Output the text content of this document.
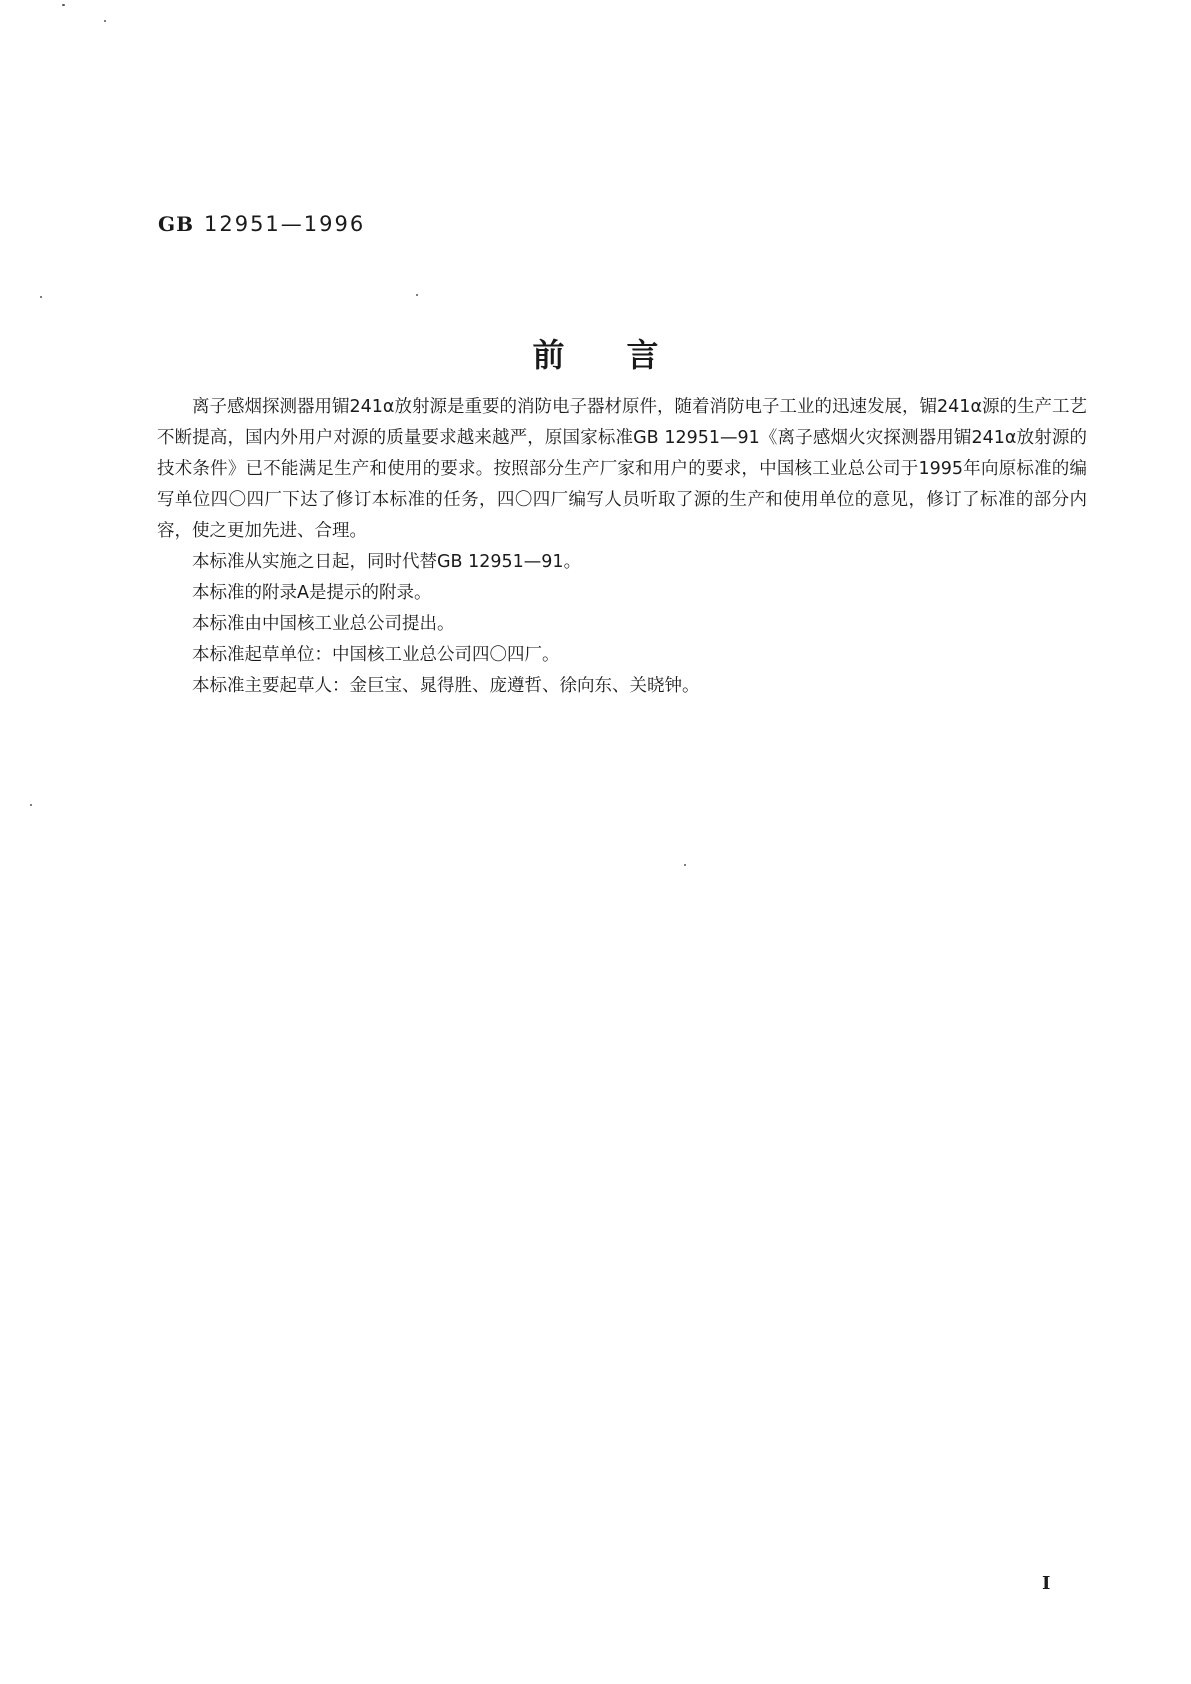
GB 12951—1996
前言

离子感烟探测器用镅241α放射源是重要的消防电子器材原件，随着消防电子工业的迅速发展，镅241α源的生产工艺不断提高，国内外用户对源的质量要求越来越严，原国家标准GB 12951—91《离子感烟火灾探测器用镅241α放射源的技术条件》已不能满足生产和使用的要求。按照部分生产厂家和用户的要求，中国核工业总公司于1995年向原标准的编写单位四〇四厂下达了修订本标准的任务，四〇四厂编写人员听取了源的生产和使用单位的意见，修订了标准的部分内容，使之更加先进、合理。

本标准从实施之日起，同时代替GB 12951—91。

本标准的附录A是提示的附录。

本标准由中国核工业总公司提出。

本标准起草单位：中国核工业总公司四〇四厂。

本标准主要起草人：金巨宝、晁得胜、庞遵哲、徐向东、关晓钟。

Ⅰ
